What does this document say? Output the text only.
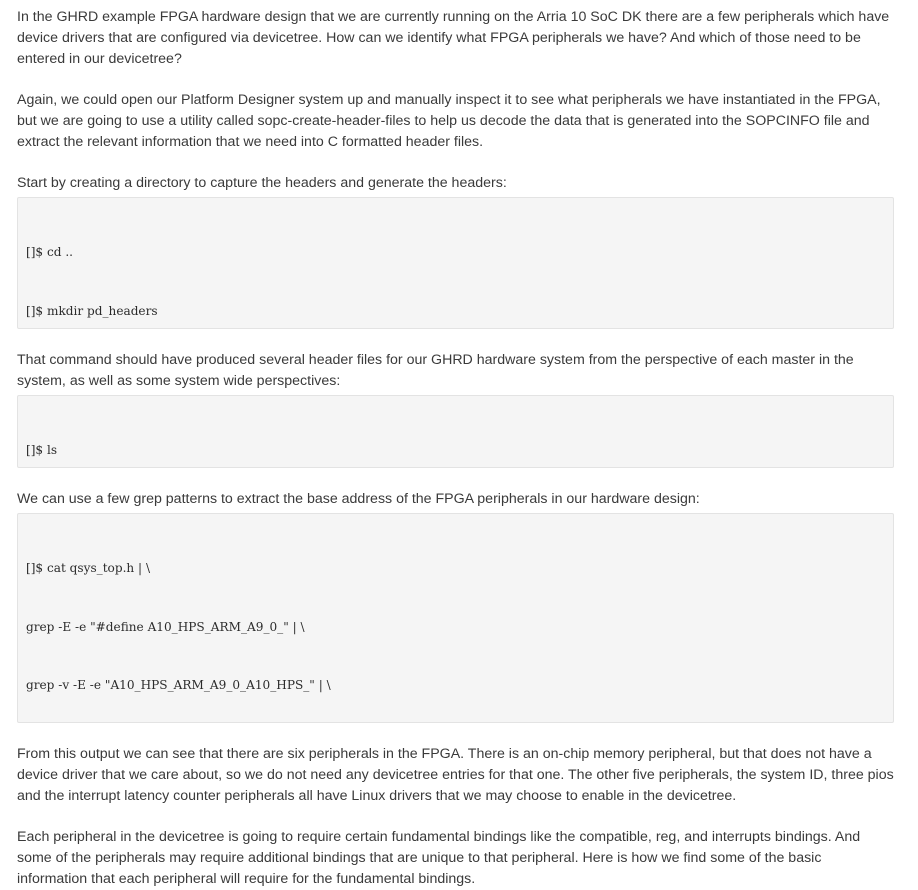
In the GHRD example FPGA hardware design that we are currently running on the Arria 10 SoC DK there are a few peripherals which have device drivers that are configured via devicetree. How can we identify what FPGA peripherals we have? And which of those need to be entered in our devicetree?

Again, we could open our Platform Designer system up and manually inspect it to see what peripherals we have instantiated in the FPGA, but we are going to use a utility called sopc-create-header-files to help us decode the data that is generated into the SOPCINFO file and extract the relevant information that we need into C formatted header files.

Start by creating a directory to capture the headers and generate the headers:

[]$ cd ..

[]$ mkdir pd_headers

That command should have produced several header files for our GHRD hardware system from the perspective of each master in the system, as well as some system wide perspectives:

[]$ ls

We can use a few grep patterns to extract the base address of the FPGA peripherals in our hardware design:

[]$ cat qsys_top.h | \

grep -E -e "#define A10_HPS_ARM_A9_0_" | \

grep -v -E -e "A10_HPS_ARM_A9_0_A10_HPS_" | \

From this output we can see that there are six peripherals in the FPGA. There is an on-chip memory peripheral, but that does not have a device driver that we care about, so we do not need any devicetree entries for that one. The other five peripherals, the system ID, three pios and the interrupt latency counter peripherals all have Linux drivers that we may choose to enable in the devicetree.

Each peripheral in the devicetree is going to require certain fundamental bindings like the compatible, reg, and interrupts bindings. And some of the peripherals may require additional bindings that are unique to that peripheral. Here is how we find some of the basic information that each peripheral will require for the fundamental bindings.
